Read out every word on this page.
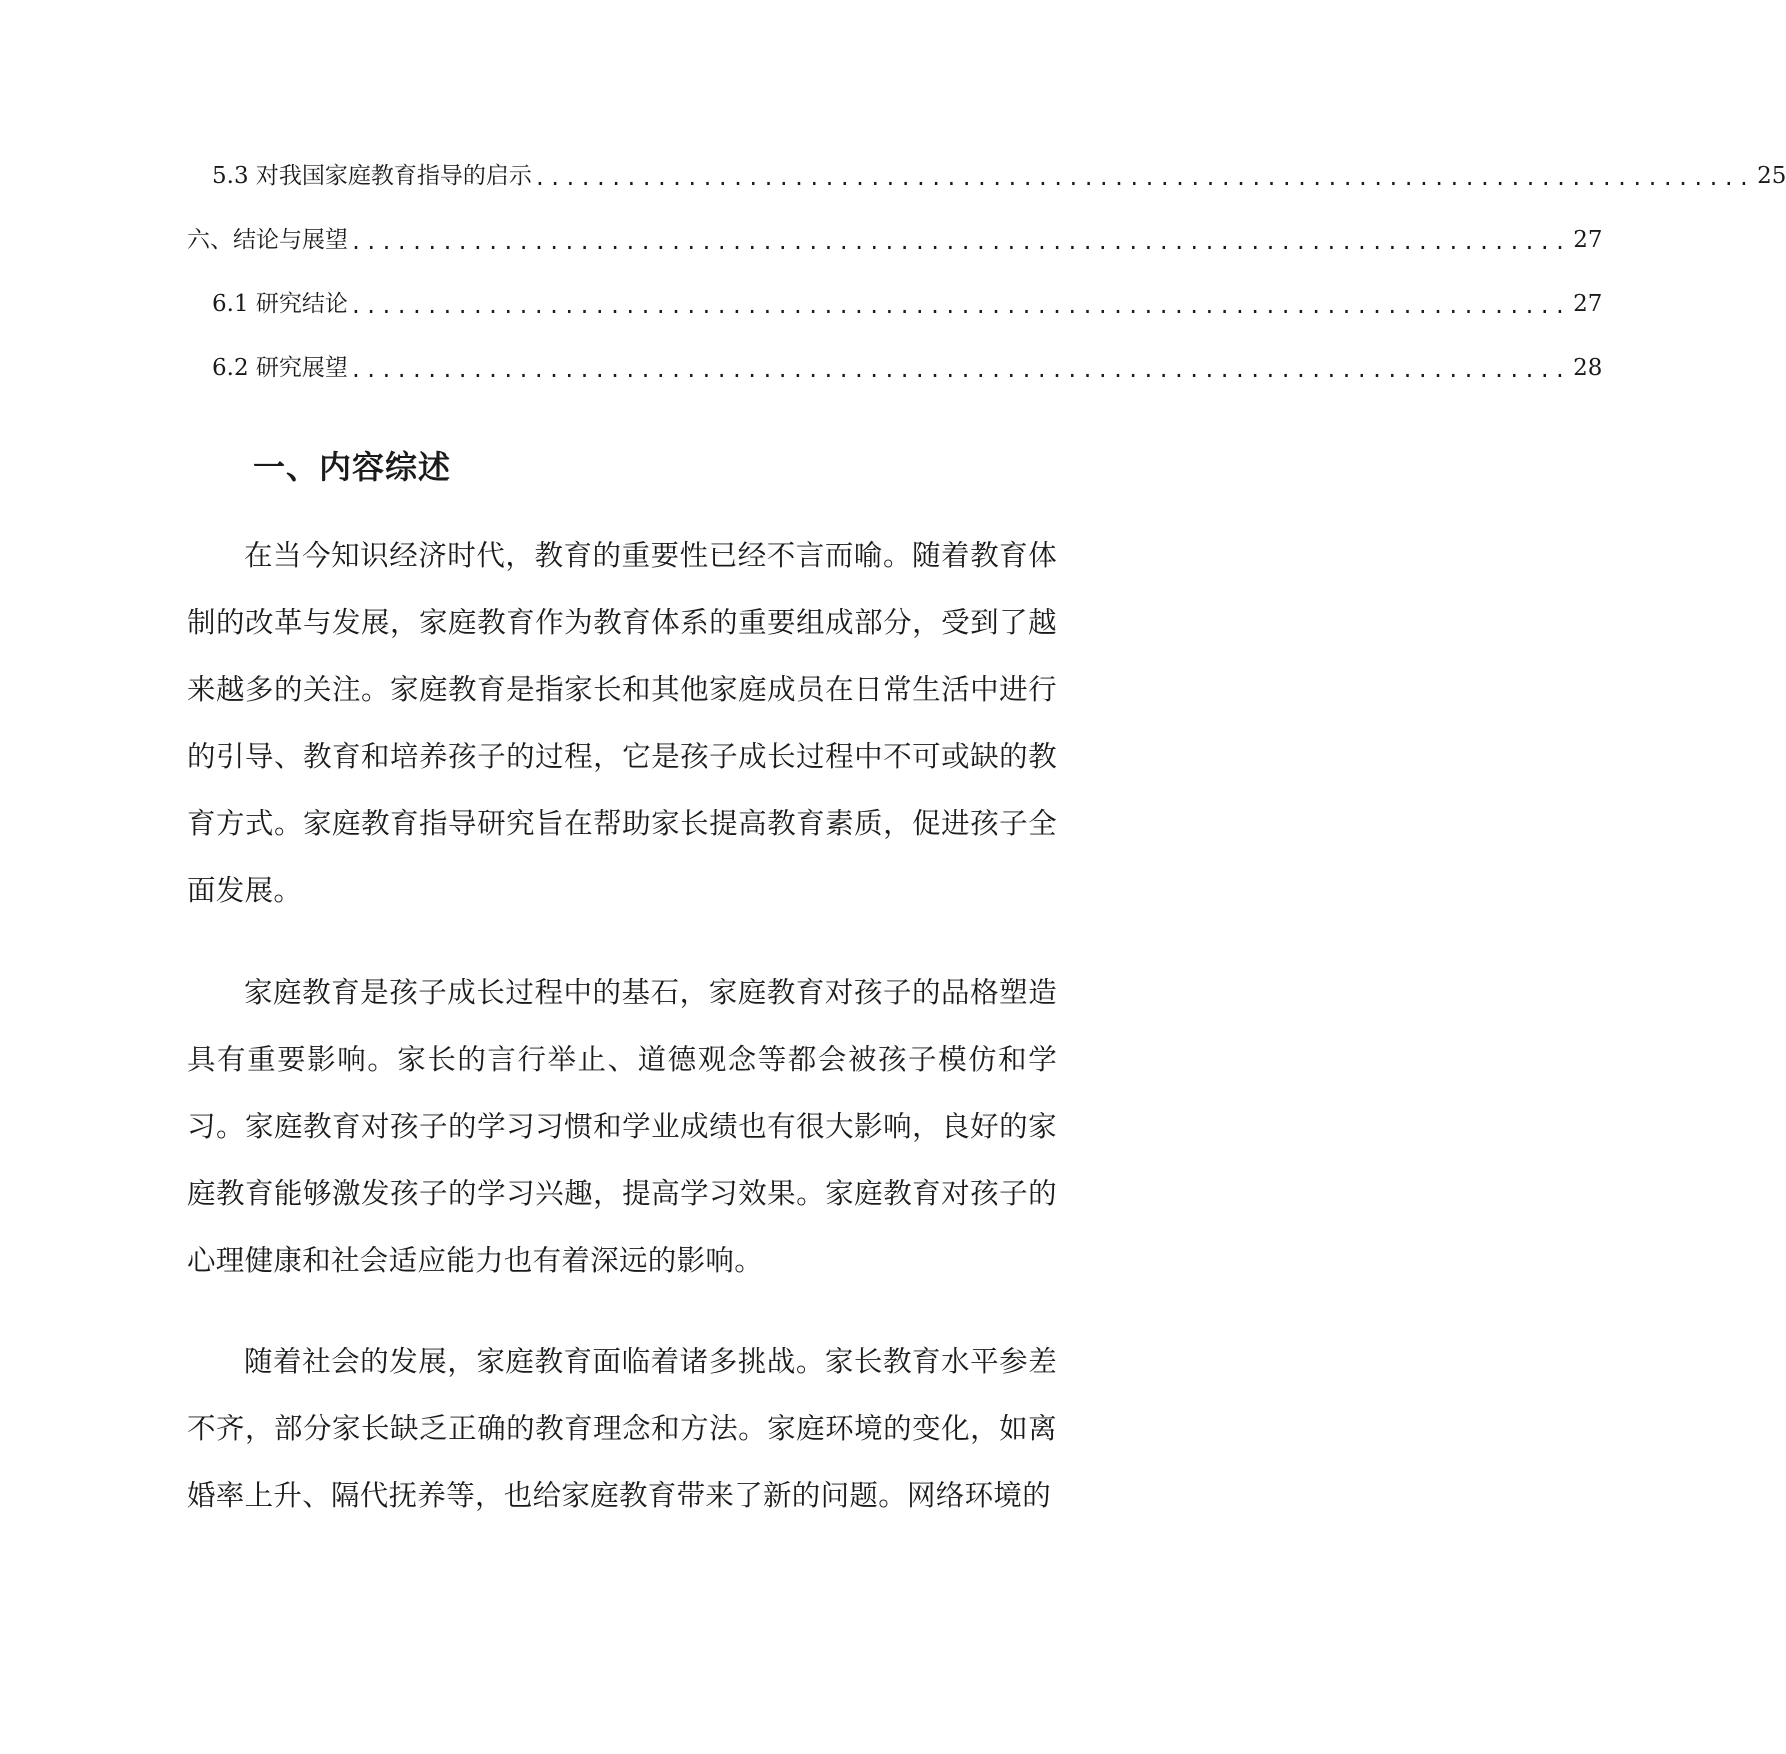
5.3 对我国家庭教育指导的启示 ................................................................................ 25
六、结论与展望 ................................................................................ 27
6.1 研究结论 ................................................................................ 27
6.2 研究展望 ................................................................................ 28
一、内容综述

在当今知识经济时代，教育的重要性已经不言而喻。随着教育体制的改革与发展，家庭教育作为教育体系的重要组成部分，受到了越来越多的关注。家庭教育是指家长和其他家庭成员在日常生活中进行的引导、教育和培养孩子的过程，它是孩子成长过程中不可或缺的教育方式。家庭教育指导研究旨在帮助家长提高教育素质，促进孩子全面发展。

家庭教育是孩子成长过程中的基石，家庭教育对孩子的品格塑造具有重要影响。家长的言行举止、道德观念等都会被孩子模仿和学习。家庭教育对孩子的学习习惯和学业成绩也有很大影响，良好的家庭教育能够激发孩子的学习兴趣，提高学习效果。家庭教育对孩子的心理健康和社会适应能力也有着深远的影响。

随着社会的发展，家庭教育面临着诸多挑战。家长教育水平参差不齐，部分家长缺乏正确的教育理念和方法。家庭环境的变化，如离婚率上升、隔代抚养等，也给家庭教育带来了新的问题。网络环境的
